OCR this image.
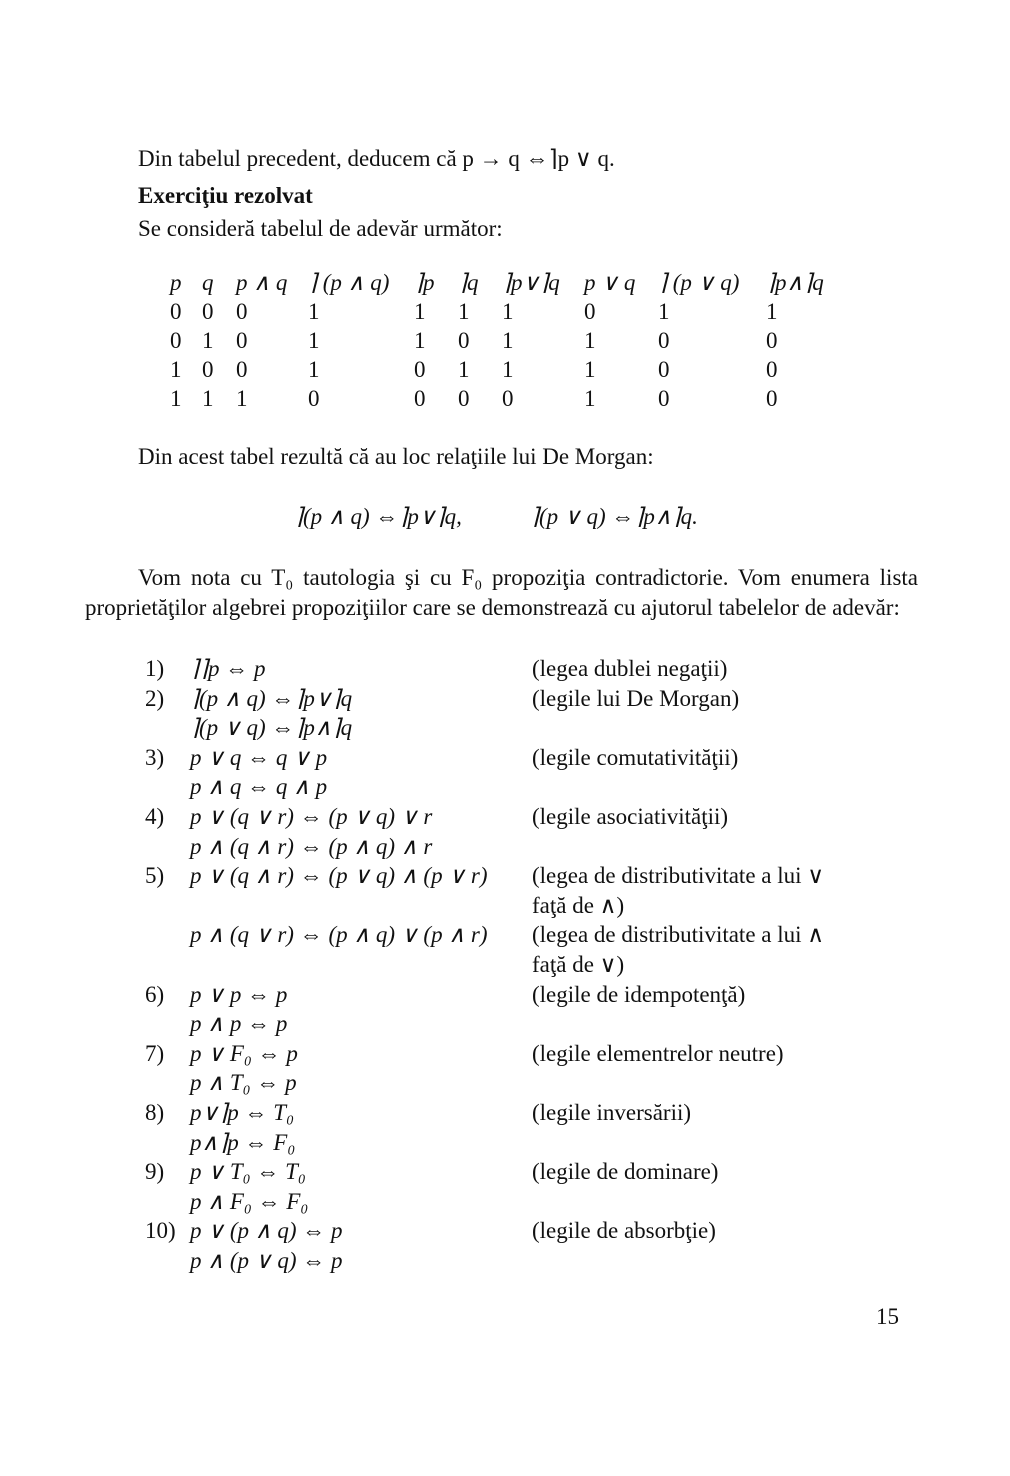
Din tabelul precedent, deducem că p → q ⇔⌉p ∨ q.
Exerciţiu rezolvat
Se consideră tabelul de adevăr următor:
p	q	p ∧ q	⌉ (p ∧ q)	⌉p	⌉q	⌉p∨⌉q	p ∨ q	⌉ (p ∨ q)	⌉p∧⌉q
0	0	0	1	1	1	1	0	1	1
0	1	0	1	1	0	1	1	0	0
1	0	0	1	0	1	1	1	0	0
1	1	1	0	0	0	0	1	0	0
Din acest tabel rezultă că au loc relaţiile lui De Morgan:
⌉(p ∧ q) ⇔⌉p∨⌉q,	⌉(p ∨ q) ⇔⌉p∧⌉q.
Vom nota cu T₀ tautologia şi cu F₀ propoziţia contradictorie. Vom enumera lista proprietăţilor algebrei propoziţiilor care se demonstrează cu ajutorul tabelelor de adevăr:
1) ⌉⌉p ⇔ p	(legea dublei negaţii)
2) ⌉(p ∧ q) ⇔⌉p∨⌉q	(legile lui De Morgan)
⌉(p ∨ q) ⇔⌉p∧⌉q
3) p ∨ q ⇔ q ∨ p	(legile comutativităţii)
p ∧ q ⇔ q ∧ p
4) p ∨ (q ∨ r) ⇔ (p ∨ q) ∨ r	(legile asociativităţii)
p ∧ (q ∧ r) ⇔ (p ∧ q) ∧ r
5) p ∨ (q ∧ r) ⇔ (p ∨ q) ∧ (p ∨ r) (legea de distributivitate a lui ∨
faţă de ∧)
p ∧ (q ∨ r) ⇔ (p ∧ q) ∨ (p ∧ r) (legea de distributivitate a lui ∧
faţă de ∨)
6) p ∨ p ⇔ p	(legile de idempotenţă)
p ∧ p ⇔ p
7) p ∨ F₀ ⇔ p	(legile elementrelor neutre)
p ∧ T₀ ⇔ p
8) p∨⌉p ⇔ T₀	(legile inversării)
p∧⌉p ⇔ F₀
9) p ∨ T₀ ⇔ T₀	(legile de dominare)
p ∧ F₀ ⇔ F₀
10) p ∨ (p ∧ q) ⇔ p	(legile de absorbţie)
p ∧ (p ∨ q) ⇔ p
15
